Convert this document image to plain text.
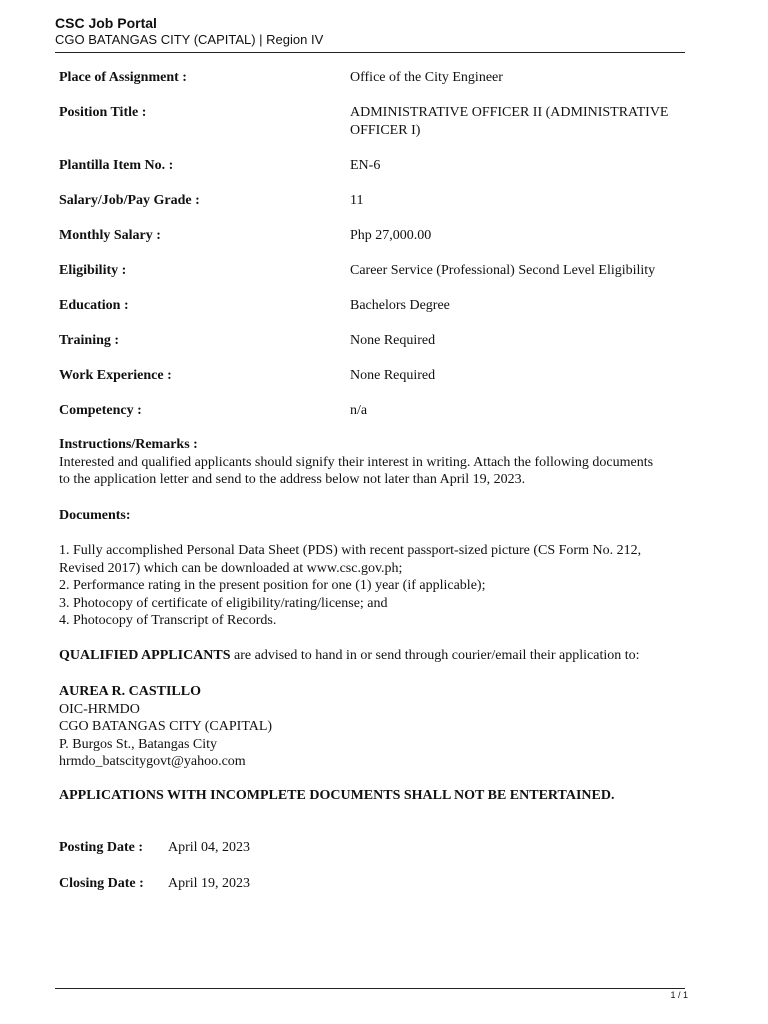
CSC Job Portal
CGO BATANGAS CITY (CAPITAL) | Region IV
Place of Assignment :	Office of the City Engineer
Position Title :	ADMINISTRATIVE OFFICER II (ADMINISTRATIVE
OFFICER I)
Plantilla Item No. :	EN-6
Salary/Job/Pay Grade :	11
Monthly Salary :	Php 27,000.00
Eligibility :	Career Service (Professional) Second Level Eligibility
Education :	Bachelors Degree
Training :	None Required
Work Experience :	None Required
Competency :	n/a
Instructions/Remarks :
Interested and qualified applicants should signify their interest in writing. Attach the following documents
to the application letter and send to the address below not later than April 19, 2023.
Documents:
1. Fully accomplished Personal Data Sheet (PDS) with recent passport-sized picture (CS Form No. 212,
Revised 2017) which can be downloaded at www.csc.gov.ph;
2. Performance rating in the present position for one (1) year (if applicable);
3. Photocopy of certificate of eligibility/rating/license; and
4. Photocopy of Transcript of Records.
QUALIFIED APPLICANTS are advised to hand in or send through courier/email their application to:
AUREA R. CASTILLO
OIC-HRMDO
CGO BATANGAS CITY (CAPITAL)
P. Burgos St., Batangas City
hrmdo_batscitygovt@yahoo.com
APPLICATIONS WITH INCOMPLETE DOCUMENTS SHALL NOT BE ENTERTAINED.
Posting Date : April 04, 2023
Closing Date : April 19, 2023
1 / 1
